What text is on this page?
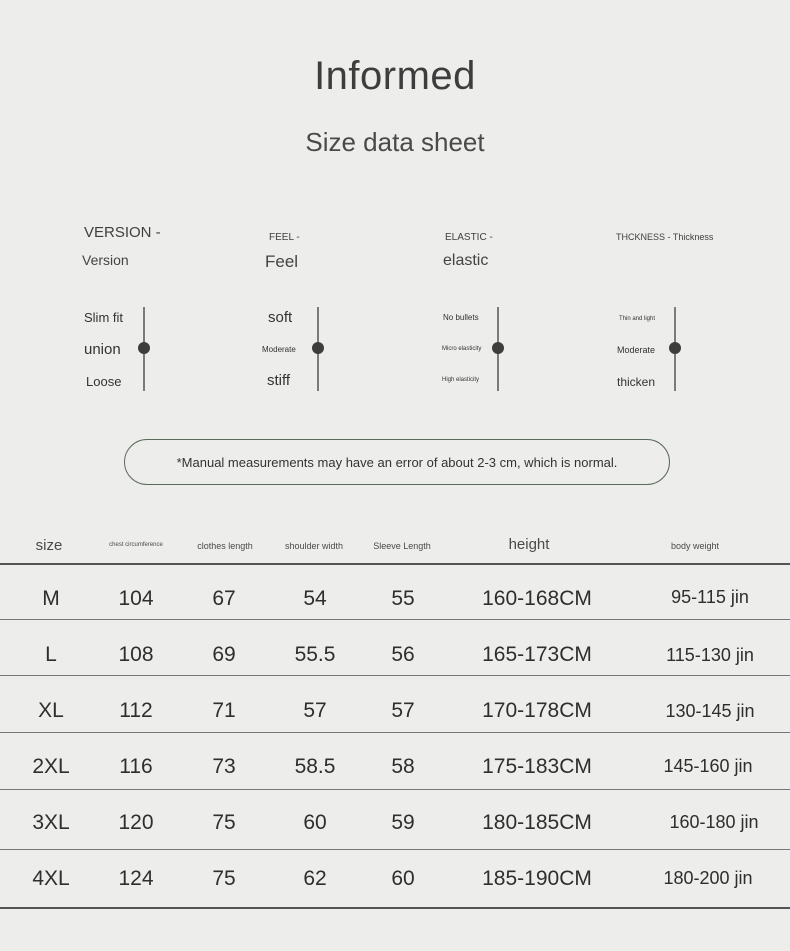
Informed
Size data sheet
VERSION -
Version
Slim fit
union
Loose
FEEL -
Feel
soft
Moderate
stiff
ELASTIC -
elastic
No bullets
Micro elasticity
High elasticity
THCKNESS - Thickness
Thin and light
Moderate
thicken
*Manual measurements may have an error of about 2-3 cm, which is normal.
size	chest circumference	clothes length	shoulder width	Sleeve Length	height	body weight
M	104	67	54	55	160-168CM	95-115 jin
L	108	69	55.5	56	165-173CM	115-130 jin
XL	112	71	57	57	170-178CM	130-145 jin
2XL	116	73	58.5	58	175-183CM	145-160 jin
3XL	120	75	60	59	180-185CM	160-180 jin
4XL	124	75	62	60	185-190CM	180-200 jin
